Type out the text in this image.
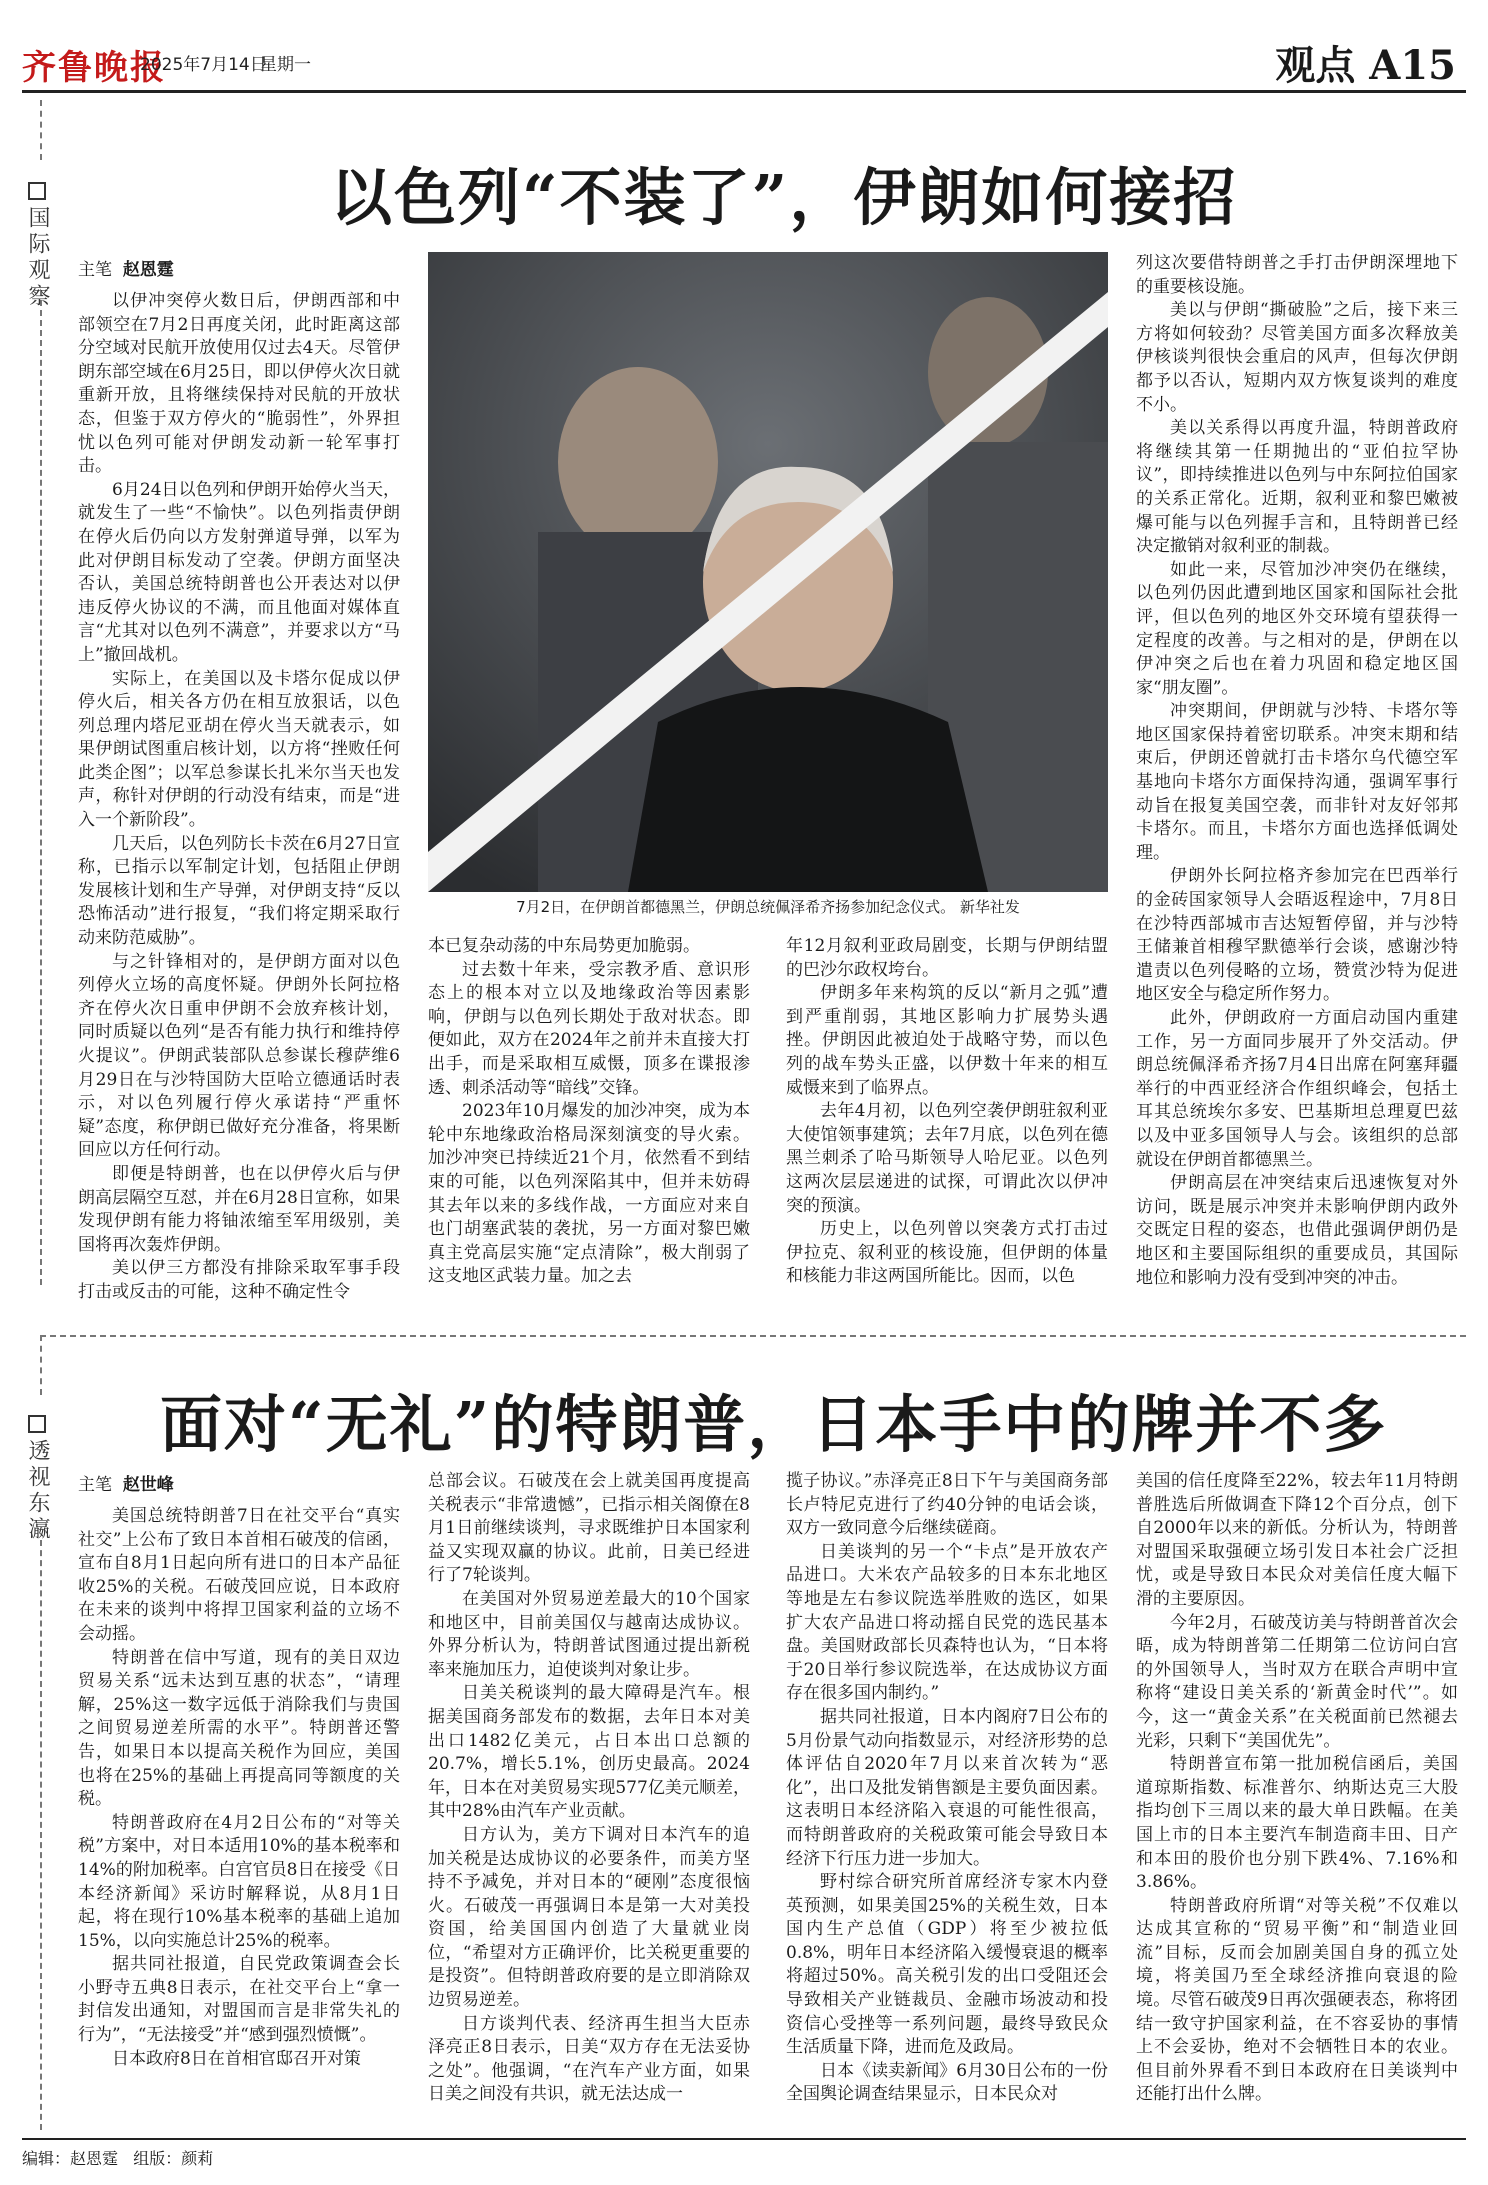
齐鲁晚报
2025年7月14日
星期一	观点 A15
国际观察
以色列“不装了”，伊朗如何接招
主笔 赵恩霆
7月2日，在伊朗首都德黑兰，伊朗总统佩泽希齐扬参加纪念仪式。 新华社发

以伊冲突停火数日后，伊朗西部和中部领空在7月2日再度关闭，此时距离这部分空域对民航开放使用仅过去4天。尽管伊朗东部空域在6月25日，即以伊停火次日就重新开放，且将继续保持对民航的开放状态，但鉴于双方停火的“脆弱性”，外界担忧以色列可能对伊朗发动新一轮军事打击。

6月24日以色列和伊朗开始停火当天，就发生了一些“不愉快”。以色列指责伊朗在停火后仍向以方发射弹道导弹，以军为此对伊朗目标发动了空袭。伊朗方面坚决否认，美国总统特朗普也公开表达对以伊违反停火协议的不满，而且他面对媒体直言“尤其对以色列不满意”，并要求以方“马上”撤回战机。

实际上，在美国以及卡塔尔促成以伊停火后，相关各方仍在相互放狠话，以色列总理内塔尼亚胡在停火当天就表示，如果伊朗试图重启核计划，以方将“挫败任何此类企图”；以军总参谋长扎米尔当天也发声，称针对伊朗的行动没有结束，而是“进入一个新阶段”。

几天后，以色列防长卡茨在6月27日宣称，已指示以军制定计划，包括阻止伊朗发展核计划和生产导弹，对伊朗支持“反以恐怖活动”进行报复，“我们将定期采取行动来防范威胁”。

与之针锋相对的，是伊朗方面对以色列停火立场的高度怀疑。伊朗外长阿拉格齐在停火次日重申伊朗不会放弃核计划，同时质疑以色列“是否有能力执行和维持停火提议”。伊朗武装部队总参谋长穆萨维6月29日在与沙特国防大臣哈立德通话时表示，对以色列履行停火承诺持“严重怀疑”态度，称伊朗已做好充分准备，将果断回应以方任何行动。

即便是特朗普，也在以伊停火后与伊朗高层隔空互怼，并在6月28日宣称，如果发现伊朗有能力将铀浓缩至军用级别，美国将再次轰炸伊朗。

美以伊三方都没有排除采取军事手段打击或反击的可能，这种不确定性令

本已复杂动荡的中东局势更加脆弱。

过去数十年来，受宗教矛盾、意识形态上的根本对立以及地缘政治等因素影响，伊朗与以色列长期处于敌对状态。即便如此，双方在2024年之前并未直接大打出手，而是采取相互威慑，顶多在谍报渗透、刺杀活动等“暗线”交锋。

2023年10月爆发的加沙冲突，成为本轮中东地缘政治格局深刻演变的导火索。加沙冲突已持续近21个月，依然看不到结束的可能，以色列深陷其中，但并未妨碍其去年以来的多线作战，一方面应对来自也门胡塞武装的袭扰，另一方面对黎巴嫩真主党高层实施“定点清除”，极大削弱了这支地区武装力量。加之去

年12月叙利亚政局剧变，长期与伊朗结盟的巴沙尔政权垮台。

伊朗多年来构筑的反以“新月之弧”遭到严重削弱，其地区影响力扩展势头遇挫。伊朗因此被迫处于战略守势，而以色列的战车势头正盛，以伊数十年来的相互威慑来到了临界点。

去年4月初，以色列空袭伊朗驻叙利亚大使馆领事建筑；去年7月底，以色列在德黑兰刺杀了哈马斯领导人哈尼亚。以色列这两次层层递进的试探，可谓此次以伊冲突的预演。

历史上，以色列曾以突袭方式打击过伊拉克、叙利亚的核设施，但伊朗的体量和核能力非这两国所能比。因而，以色

列这次要借特朗普之手打击伊朗深埋地下的重要核设施。

美以与伊朗“撕破脸”之后，接下来三方将如何较劲？尽管美国方面多次释放美伊核谈判很快会重启的风声，但每次伊朗都予以否认，短期内双方恢复谈判的难度不小。

美以关系得以再度升温，特朗普政府将继续其第一任期抛出的“亚伯拉罕协议”，即持续推进以色列与中东阿拉伯国家的关系正常化。近期，叙利亚和黎巴嫩被爆可能与以色列握手言和，且特朗普已经决定撤销对叙利亚的制裁。

如此一来，尽管加沙冲突仍在继续，以色列仍因此遭到地区国家和国际社会批评，但以色列的地区外交环境有望获得一定程度的改善。与之相对的是，伊朗在以伊冲突之后也在着力巩固和稳定地区国家“朋友圈”。

冲突期间，伊朗就与沙特、卡塔尔等地区国家保持着密切联系。冲突末期和结束后，伊朗还曾就打击卡塔尔乌代德空军基地向卡塔尔方面保持沟通，强调军事行动旨在报复美国空袭，而非针对友好邻邦卡塔尔。而且，卡塔尔方面也选择低调处理。

伊朗外长阿拉格齐参加完在巴西举行的金砖国家领导人会晤返程途中，7月8日在沙特西部城市吉达短暂停留，并与沙特王储兼首相穆罕默德举行会谈，感谢沙特遣责以色列侵略的立场，赞赏沙特为促进地区安全与稳定所作努力。

此外，伊朗政府一方面启动国内重建工作，另一方面同步展开了外交活动。伊朗总统佩泽希齐扬7月4日出席在阿塞拜疆举行的中西亚经济合作组织峰会，包括土耳其总统埃尔多安、巴基斯坦总理夏巴兹以及中亚多国领导人与会。该组织的总部就设在伊朗首都德黑兰。

伊朗高层在冲突结束后迅速恢复对外访问，既是展示冲突并未影响伊朗内政外交既定日程的姿态，也借此强调伊朗仍是地区和主要国际组织的重要成员，其国际地位和影响力没有受到冲突的冲击。

透视东瀛
面对“无礼”的特朗普，日本手中的牌并不多
主笔 赵世峰

美国总统特朗普7日在社交平台“真实社交”上公布了致日本首相石破茂的信函，宣布自8月1日起向所有进口的日本产品征收25%的关税。石破茂回应说，日本政府在未来的谈判中将捍卫国家利益的立场不会动摇。

特朗普在信中写道，现有的美日双边贸易关系“远未达到互惠的状态”，“请理解，25%这一数字远低于消除我们与贵国之间贸易逆差所需的水平”。特朗普还警告，如果日本以提高关税作为回应，美国也将在25%的基础上再提高同等额度的关税。

特朗普政府在4月2日公布的“对等关税”方案中，对日本适用10%的基本税率和14%的附加税率。白宫官员8日在接受《日本经济新闻》采访时解释说，从8月1日起，将在现行10%基本税率的基础上追加15%，以向实施总计25%的税率。

据共同社报道，自民党政策调查会长小野寺五典8日表示，在社交平台上“拿一封信发出通知，对盟国而言是非常失礼的行为”，“无法接受”并“感到强烈愤慨”。

日本政府8日在首相官邸召开对策

总部会议。石破茂在会上就美国再度提高关税表示“非常遗憾”，已指示相关阁僚在8月1日前继续谈判，寻求既维护日本国家利益又实现双赢的协议。此前，日美已经进行了7轮谈判。

在美国对外贸易逆差最大的10个国家和地区中，目前美国仅与越南达成协议。外界分析认为，特朗普试图通过提出新税率来施加压力，迫使谈判对象让步。

日美关税谈判的最大障碍是汽车。根据美国商务部发布的数据，去年日本对美出口1482亿美元，占日本出口总额的20.7%，增长5.1%，创历史最高。2024年，日本在对美贸易实现577亿美元顺差，其中28%由汽车产业贡献。

日方认为，美方下调对日本汽车的追加关税是达成协议的必要条件，而美方坚持不予减免，并对日本的“硬刚”态度很恼火。石破茂一再强调日本是第一大对美投资国，给美国国内创造了大量就业岗位，“希望对方正确评价，比关税更重要的是投资”。但特朗普政府要的是立即消除双边贸易逆差。

日方谈判代表、经济再生担当大臣赤泽亮正8日表示，日美“双方存在无法妥协之处”。他强调，“在汽车产业方面，如果日美之间没有共识，就无法达成一

揽子协议。”赤泽亮正8日下午与美国商务部长卢特尼克进行了约40分钟的电话会谈，双方一致同意今后继续磋商。

日美谈判的另一个“卡点”是开放农产品进口。大米农产品较多的日本东北地区等地是左右参议院选举胜败的选区，如果扩大农产品进口将动摇自民党的选民基本盘。美国财政部长贝森特也认为，“日本将于20日举行参议院选举，在达成协议方面存在很多国内制约。”

据共同社报道，日本内阁府7日公布的5月份景气动向指数显示，对经济形势的总体评估自2020年7月以来首次转为“恶化”，出口及批发销售额是主要负面因素。这表明日本经济陷入衰退的可能性很高，而特朗普政府的关税政策可能会导致日本经济下行压力进一步加大。

野村综合研究所首席经济专家木内登英预测，如果美国25%的关税生效，日本国内生产总值（GDP）将至少被拉低0.8%，明年日本经济陷入缓慢衰退的概率将超过50%。高关税引发的出口受阻还会导致相关产业链裁员、金融市场波动和投资信心受挫等一系列问题，最终导致民众生活质量下降，进而危及政局。

日本《读卖新闻》6月30日公布的一份全国舆论调查结果显示，日本民众对

美国的信任度降至22%，较去年11月特朗普胜选后所做调查下降12个百分点，创下自2000年以来的新低。分析认为，特朗普对盟国采取强硬立场引发日本社会广泛担忧，或是导致日本民众对美信任度大幅下滑的主要原因。

今年2月，石破茂访美与特朗普首次会晤，成为特朗普第二任期第二位访问白宫的外国领导人，当时双方在联合声明中宣称将“建设日美关系的‘新黄金时代’”。如今，这一“黄金关系”在关税面前已然褪去光彩，只剩下“美国优先”。

特朗普宣布第一批加税信函后，美国道琼斯指数、标准普尔、纳斯达克三大股指均创下三周以来的最大单日跌幅。在美国上市的日本主要汽车制造商丰田、日产和本田的股价也分别下跌4%、7.16%和3.86%。

特朗普政府所谓“对等关税”不仅难以达成其宣称的“贸易平衡”和“制造业回流”目标，反而会加剧美国自身的孤立处境，将美国乃至全球经济推向衰退的险境。尽管石破茂9日再次强硬表态，称将团结一致守护国家利益，在不容妥协的事情上不会妥协，绝对不会牺牲日本的农业。但目前外界看不到日本政府在日美谈判中还能打出什么牌。

编辑：赵恩霆 组版：颜莉
